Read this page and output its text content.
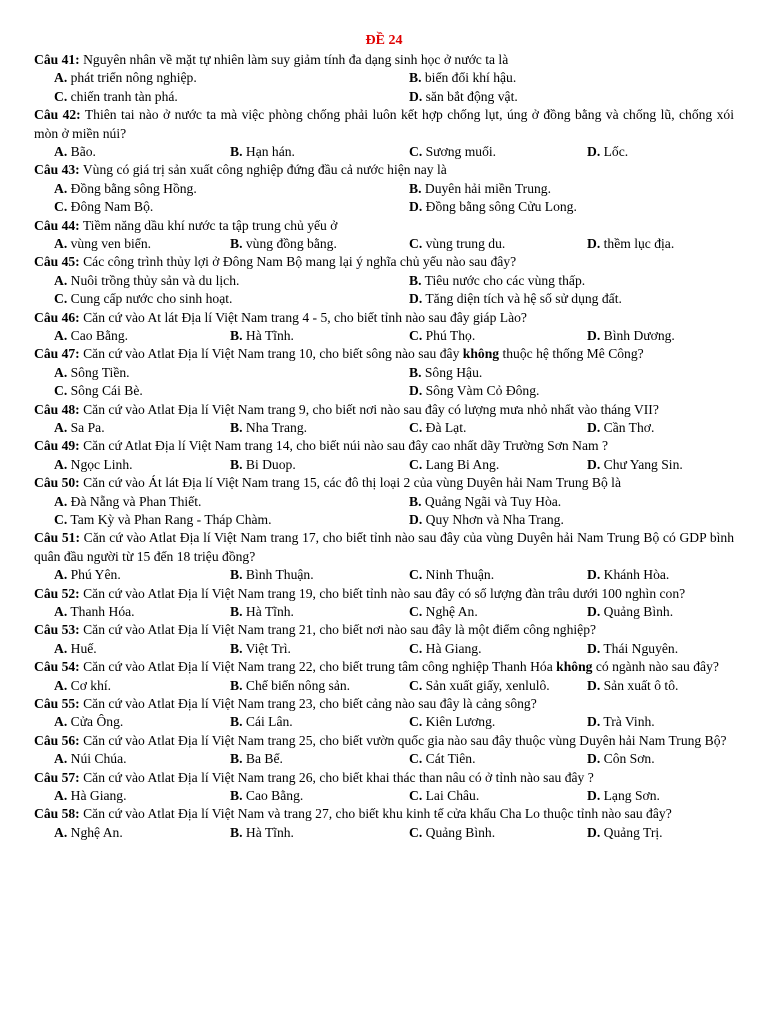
ĐỀ 24
Câu 41: Nguyên nhân về mặt tự nhiên làm suy giảm tính đa dạng sinh học ở nước ta là
A. phát triển nông nghiệp.	B. biến đổi khí hậu.
C. chiến tranh tàn phá.	D. săn bắt động vật.
Câu 42: Thiên tai nào ở nước ta mà việc phòng chống phải luôn kết hợp chống lụt, úng ở đồng bằng và chống lũ, chống xói mòn ở miền núi?
A. Bão.	B. Hạn hán.	C. Sương muối.	D. Lốc.
Câu 43: Vùng có giá trị sản xuất công nghiệp đứng đầu cả nước hiện nay là
A. Đồng bằng sông Hồng.	B. Duyên hải miền Trung.
C. Đông Nam Bộ.	D. Đồng bằng sông Cửu Long.
Câu 44: Tiềm năng dầu khí nước ta tập trung chủ yếu ở
A. vùng ven biển.	B. vùng đồng bằng.	C. vùng trung du.	D. thềm lục địa.
Câu 45: Các công trình thủy lợi ở Đông Nam Bộ mang lại ý nghĩa chủ yếu nào sau đây?
A. Nuôi trồng thủy sản và du lịch.	B. Tiêu nước cho các vùng thấp.
C. Cung cấp nước cho sinh hoạt.	D. Tăng diện tích và hệ số sử dụng đất.
Câu 46: Căn cứ vào At lát Địa lí Việt Nam trang 4 - 5, cho biết tỉnh nào sau đây giáp Lào?
A. Cao Bằng.	B. Hà Tĩnh.	C. Phú Thọ.	D. Bình Dương.
Câu 47: Căn cứ vào Atlat Địa lí Việt Nam trang 10, cho biết sông nào sau đây không thuộc hệ thống Mê Công?
A. Sông Tiền.	B. Sông Hậu.
C. Sông Cái Bè.	D. Sông Vàm Cỏ Đông.
Câu 48: Căn cứ vào Atlat Địa lí Việt Nam trang 9, cho biết nơi nào sau đây có lượng mưa nhỏ nhất vào tháng VII?
A. Sa Pa.	B. Nha Trang.	C. Đà Lạt.	D. Cần Thơ.
Câu 49: Căn cứ Atlat Địa lí Việt Nam trang 14, cho biết núi nào sau đây cao nhất dãy Trường Sơn Nam ?
A. Ngọc Linh.	B. Bi Duop.	C. Lang Bi Ang.	D. Chư Yang Sin.
Câu 50: Căn cứ vào Át lát Địa lí Việt Nam trang 15, các đô thị loại 2 của vùng Duyên hải Nam Trung Bộ là
A. Đà Nẵng và Phan Thiết.	B. Quảng Ngãi và Tuy Hòa.
C. Tam Kỳ và Phan Rang - Tháp Chàm.	D. Quy Nhơn và Nha Trang.
Câu 51: Căn cứ vào Atlat Địa lí Việt Nam trang 17, cho biết tỉnh nào sau đây của vùng Duyên hải Nam Trung Bộ có GDP bình quân đầu người từ 15 đến 18 triệu đồng?
A. Phú Yên.	B. Bình Thuận.	C. Ninh Thuận.	D. Khánh Hòa.
Câu 52: Căn cứ vào Atlat Địa lí Việt Nam trang 19, cho biết tỉnh nào sau đây có số lượng đàn trâu dưới 100 nghìn con?
A. Thanh Hóa.	B. Hà Tĩnh.	C. Nghệ An.	D. Quảng Bình.
Câu 53: Căn cứ vào Atlat Địa lí Việt Nam trang 21, cho biết nơi nào sau đây là một điểm công nghiệp?
A. Huế.	B. Việt Trì.	C. Hà Giang.	D. Thái Nguyên.
Câu 54: Căn cứ vào Atlat Địa lí Việt Nam trang 22, cho biết trung tâm công nghiệp Thanh Hóa không có ngành nào sau đây?
A. Cơ khí.	B. Chế biến nông sản.	C. Sản xuất giấy, xenlulô.	D. Sản xuất ô tô.
Câu 55: Căn cứ vào Atlat Địa lí Việt Nam trang 23, cho biết cảng nào sau đây là cảng sông?
A. Cửa Ông.	B. Cái Lân.	C. Kiên Lương.	D. Trà Vinh.
Câu 56: Căn cứ vào Atlat Địa lí Việt Nam trang 25, cho biết vườn quốc gia nào sau đây thuộc vùng Duyên hải Nam Trung Bộ?
A. Núi Chúa.	B. Ba Bể.	C. Cát Tiên.	D. Côn Sơn.
Câu 57: Căn cứ vào Atlat Địa lí Việt Nam trang 26, cho biết khai thác than nâu có ở tỉnh nào sau đây ?
A. Hà Giang.	B. Cao Bằng.	C. Lai Châu.	D. Lạng Sơn.
Câu 58: Căn cứ vào Atlat Địa lí Việt Nam và trang 27, cho biết khu kinh tế cửa khẩu Cha Lo thuộc tỉnh nào sau đây?
A. Nghệ An.	B. Hà Tĩnh.	C. Quảng Bình.	D. Quảng Trị.
